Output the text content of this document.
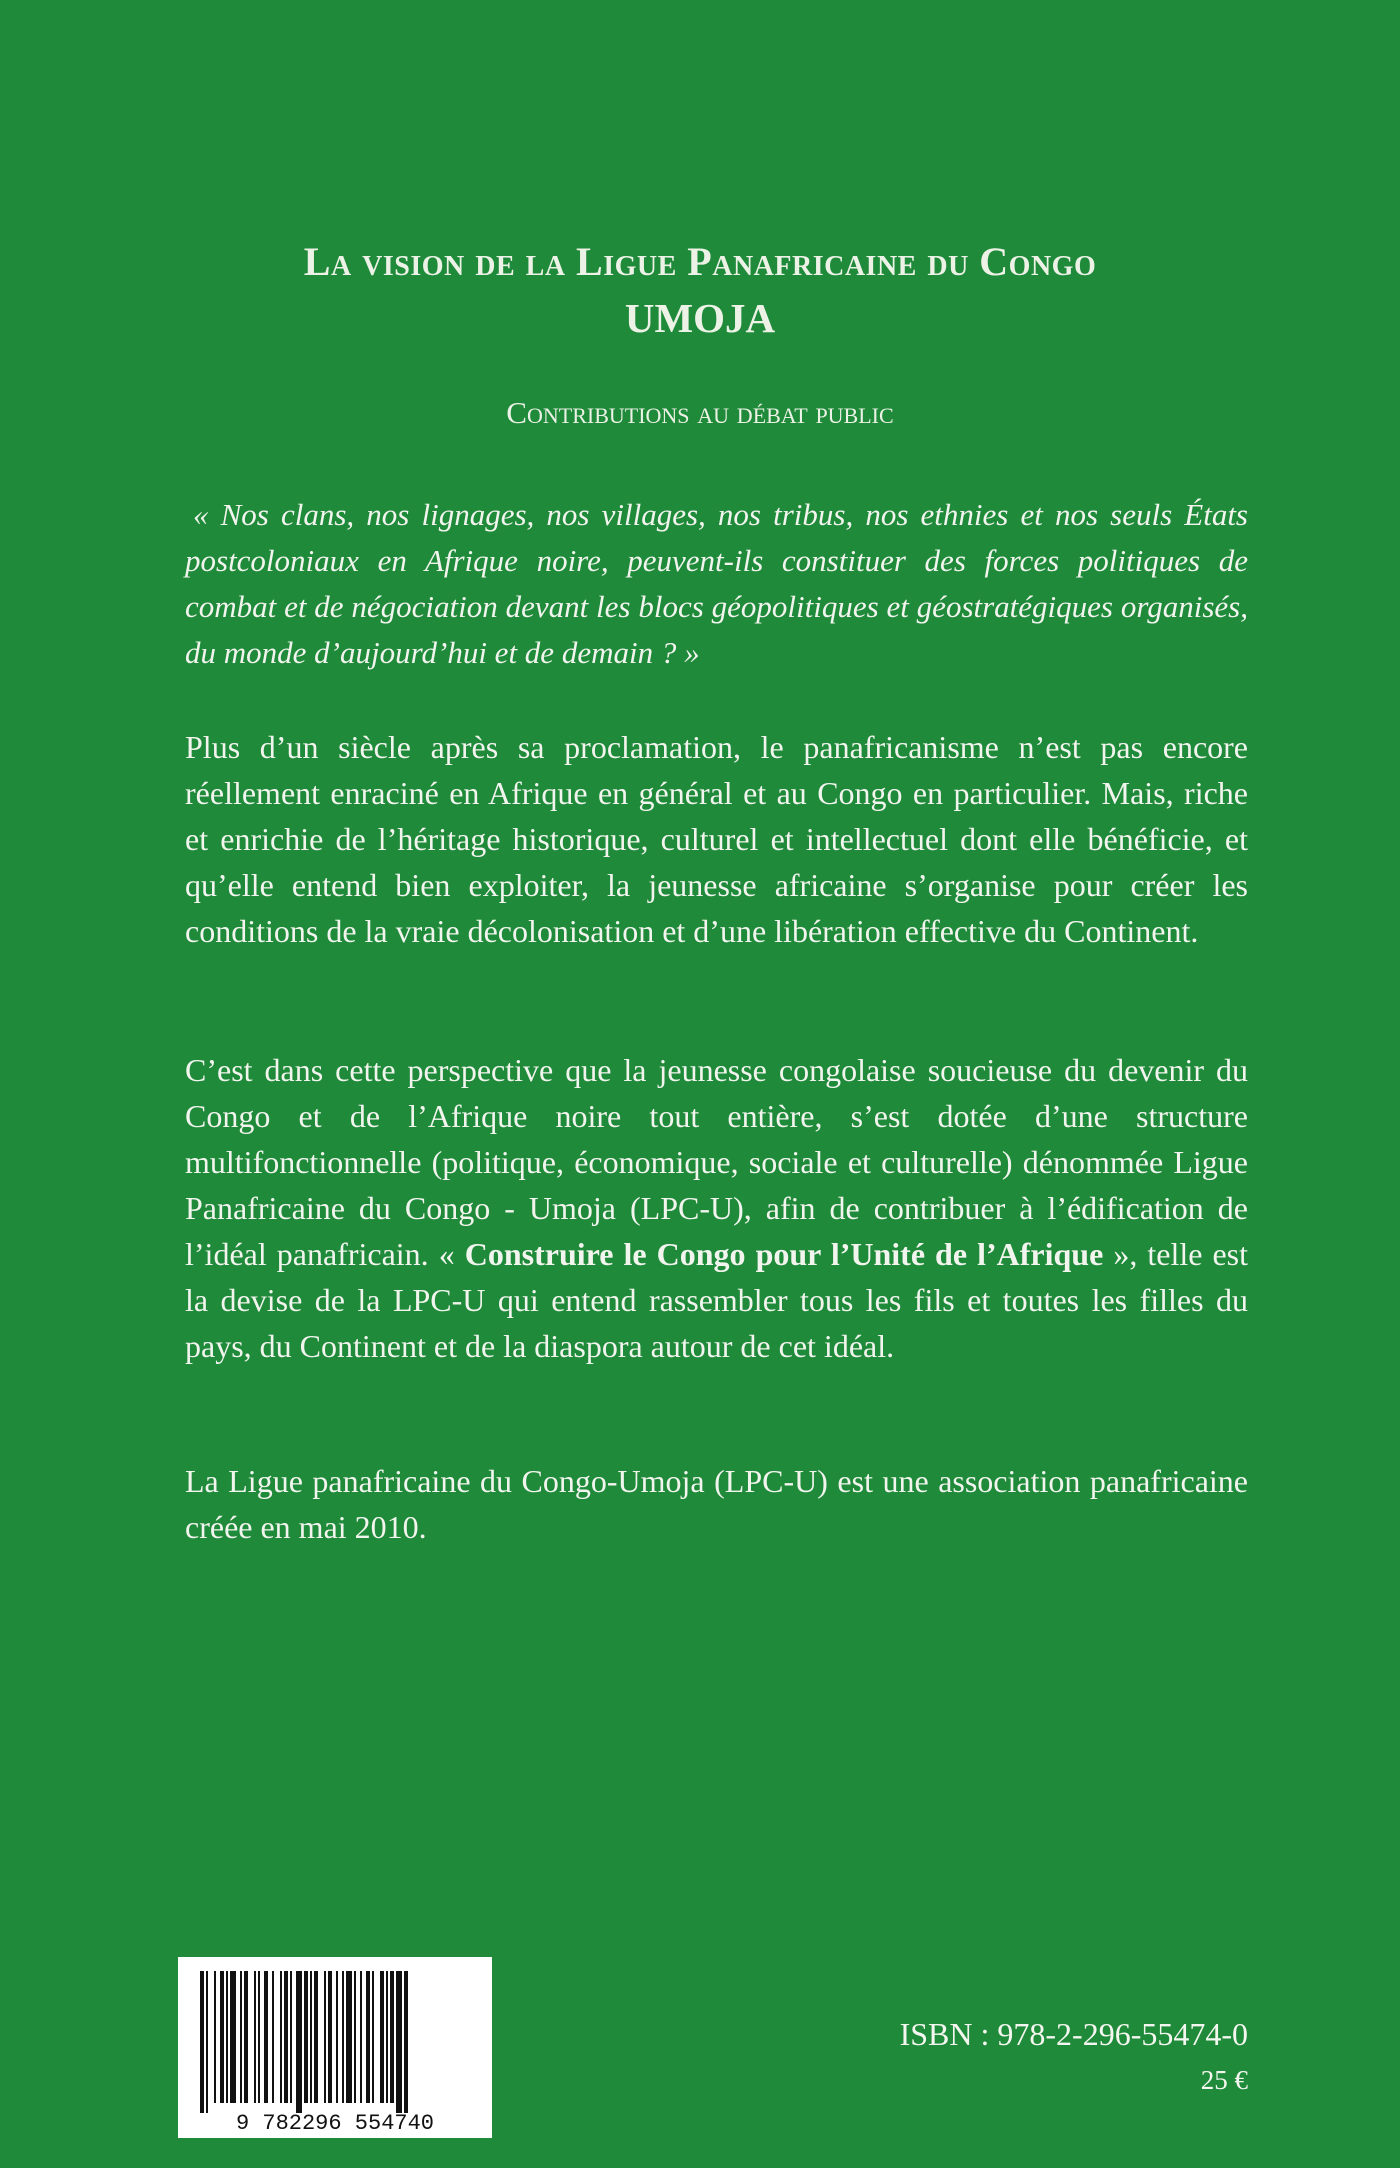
La vision de la Ligue Panafricaine du Congo
UMOJA
Contributions au débat public

« Nos clans, nos lignages, nos villages, nos tribus, nos ethnies et nos seuls États postcoloniaux en Afrique noire, peuvent-ils constituer des forces politiques de combat et de négociation devant les blocs géopolitiques et géostratégiques organisés, du monde d’aujourd’hui et de demain ? »

Plus d’un siècle après sa proclamation, le panafricanisme n’est pas encore réellement enraciné en Afrique en général et au Congo en particulier. Mais, riche et enrichie de l’héritage historique, culturel et intellectuel dont elle bénéficie, et qu’elle entend bien exploiter, la jeunesse africaine s’organise pour créer les conditions de la vraie décolonisation et d’une libération effective du Continent.

C’est dans cette perspective que la jeunesse congolaise soucieuse du devenir du Congo et de l’Afrique noire tout entière, s’est dotée d’une structure multifonctionnelle (politique, économique, sociale et culturelle) dénommée Ligue Panafricaine du Congo - Umoja (LPC-U), afin de contribuer à l’édification de l’idéal panafricain. « Construire le Congo pour l’Unité de l’Afrique », telle est la devise de la LPC-U qui entend rassembler tous les fils et toutes les filles du pays, du Continent et de la diaspora autour de cet idéal.

La Ligue panafricaine du Congo-Umoja (LPC-U) est une association panafricaine créée en mai 2010.

9 782296 554740
ISBN : 978-2-296-55474-0
25 €
